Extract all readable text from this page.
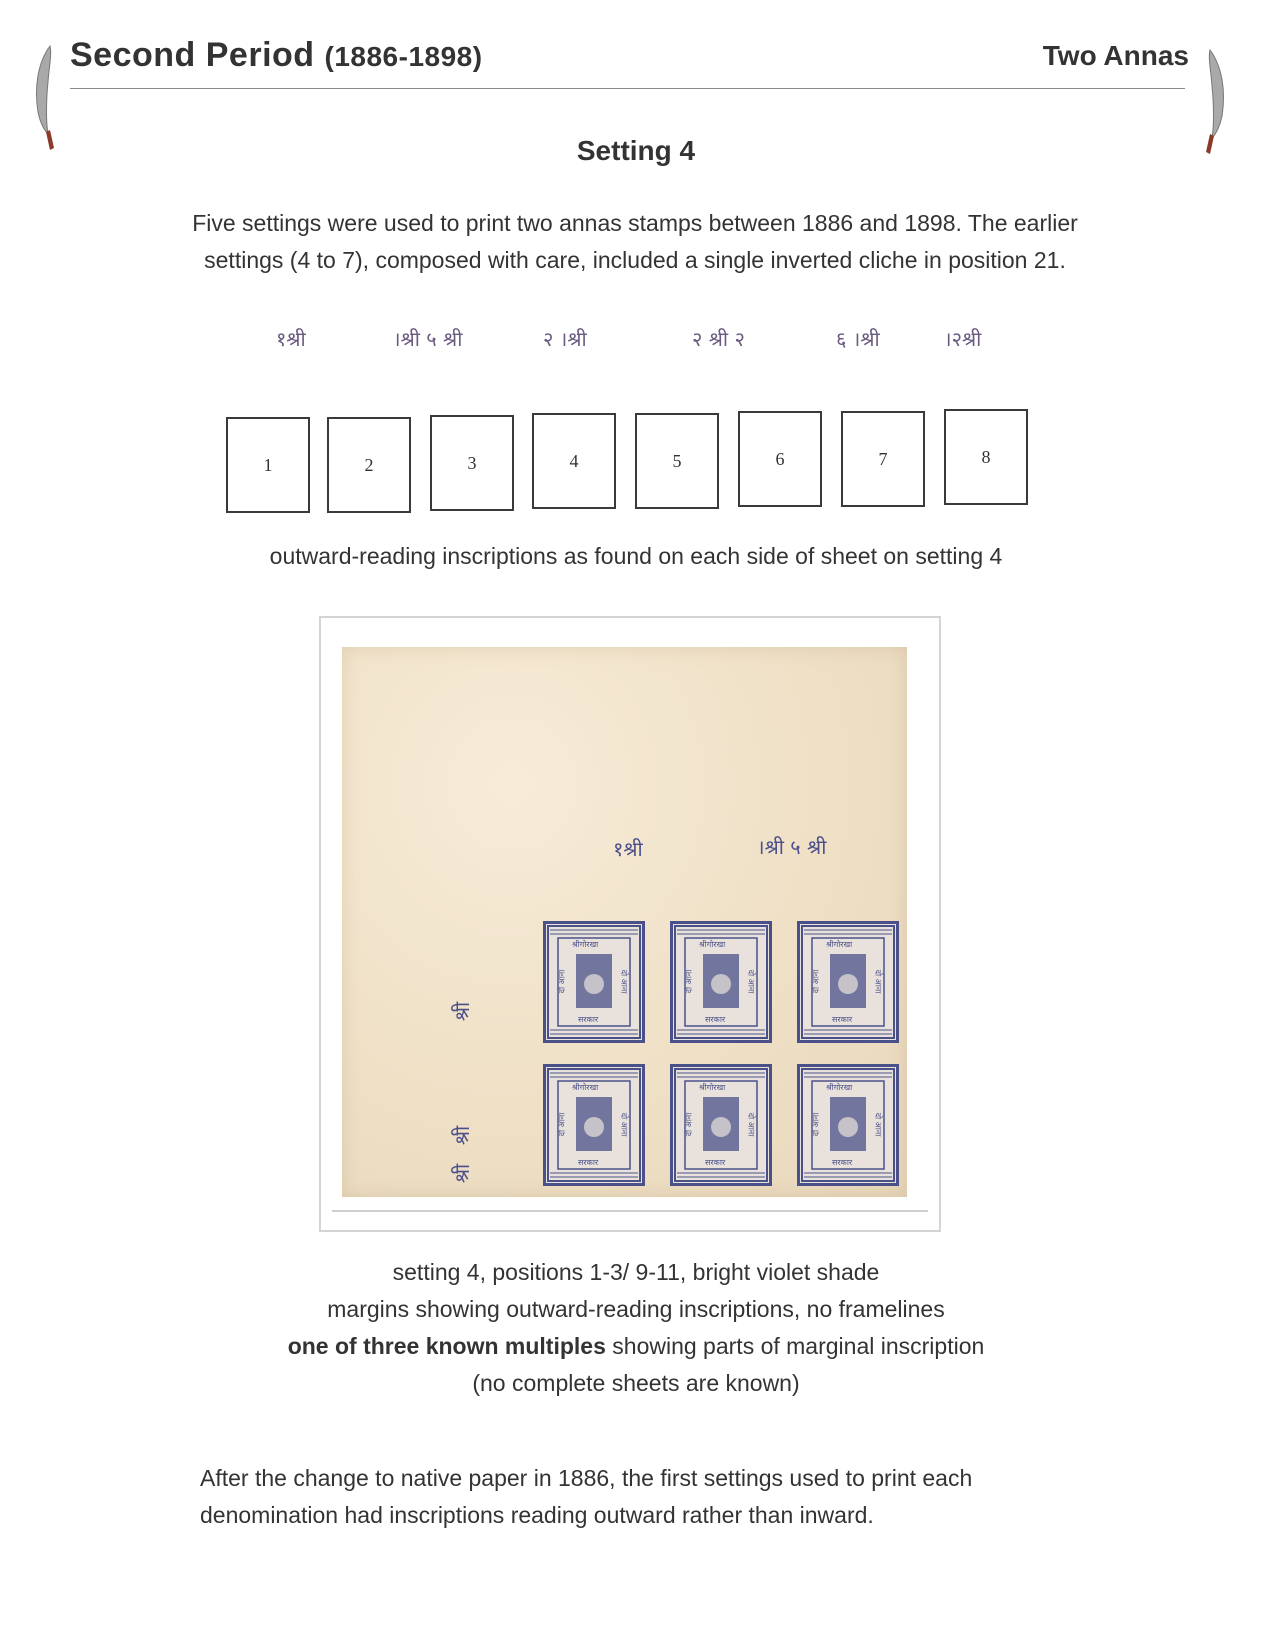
Second Period (1886-1898)	Two Annas
Setting 4
Five settings were used to print two annas stamps between 1886 and 1898. The earlier
settings (4 to 7), composed with care, included a single inverted cliche in position 21.
१श्री	।श्री ५ श्री	२ ।श्री	२ श्री २	६ ।श्री	।२श्री
1	2	3	4	5	6	7	8
outward-reading inscriptions as found on each side of sheet on setting 4
१श्री	।श्री ५ श्री
श्री
श्री
श्री
श्रीगोरखा
सरकार
दो आना	दो आना
श्रीगोरखा
सरकार
दो आना	दो आना
श्रीगोरखा
सरकार
दो आना	दो आना
श्रीगोरखा
सरकार
दो आना	दो आना
श्रीगोरखा
सरकार
दो आना	दो आना
श्रीगोरखा
सरकार
दो आना	दो आना
setting 4, positions 1-3/ 9-11, bright violet shade
margins showing outward-reading inscriptions, no framelines
one of three known multiples showing parts of marginal inscription
(no complete sheets are known)
After the change to native paper in 1886, the first settings used to print each
denomination had inscriptions reading outward rather than inward.
